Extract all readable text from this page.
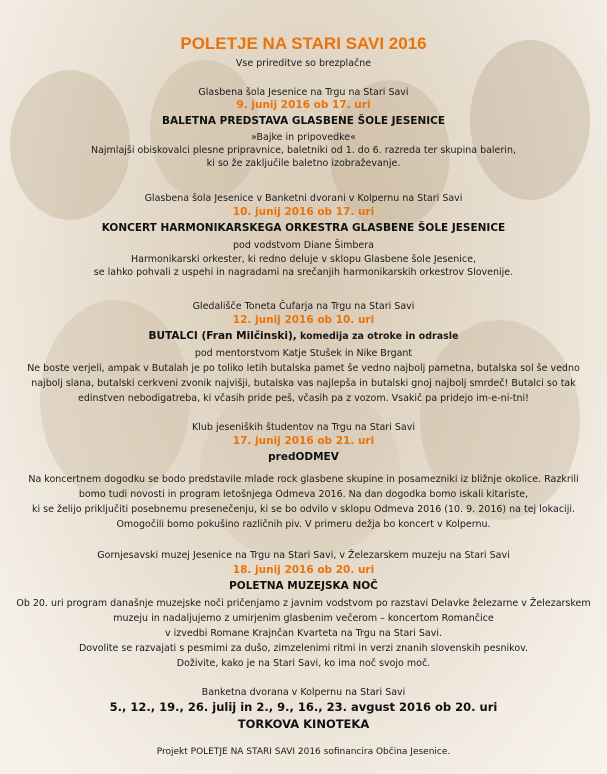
POLETJE NA STARI SAVI 2016
Vse prireditve so brezplačne
Glasbena šola Jesenice na Trgu na Stari Savi
9. junij 2016 ob 17. uri
BALETNA PREDSTAVA GLASBENE ŠOLE JESENICE
»Bajke in pripovedke«
Najmlajši obiskovalci plesne pripravnice, baletniki od 1. do 6. razreda ter skupina balerin,
ki so že zaključile baletno izobraževanje.
Glasbena šola Jesenice v Banketni dvorani v Kolpernu na Stari Savi
10. junij 2016 ob 17. uri
KONCERT HARMONIKARSKEGA ORKESTRA GLASBENE ŠOLE JESENICE
pod vodstvom Diane Šimbera
Harmonikarski orkester, ki redno deluje v sklopu Glasbene šole Jesenice,
se lahko pohvali z uspehi in nagradami na srečanjih harmonikarskih orkestrov Slovenije.
Gledališče Toneta Čufarja na Trgu na Stari Savi
12. junij 2016 ob 10. uri
BUTALCI (Fran Milčinski), komedija za otroke in odrasle
pod mentorstvom Katje Stušek in Nike Brgant
Ne boste verjeli, ampak v Butalah je po toliko letih butalska pamet še vedno najbolj pametna, butalska sol še vedno
najbolj slana, butalski cerkveni zvonik najvišji, butalska vas najlepša in butalski gnoj najbolj smrdeč! Butalci so tak
edinstven nebodigatreba, ki včasih pride peš, včasih pa z vozom. Vsakič pa pridejo im-e-ni-tni!
Klub jeseniških študentov na Trgu na Stari Savi
17. junij 2016 ob 21. uri
predODMEV
Na koncertnem dogodku se bodo predstavile mlade rock glasbene skupine in posamezniki iz bližnje okolice. Razkrili
bomo tudi novosti in program letošnjega Odmeva 2016. Na dan dogodka bomo iskali kitariste,
ki se želijo priključiti posebnemu presenečenju, ki se bo odvilo v sklopu Odmeva 2016 (10. 9. 2016) na tej lokaciji.
Omogočili bomo pokušino različnih piv. V primeru dežja bo koncert v Kolpernu.
Gornjesavski muzej Jesenice na Trgu na Stari Savi, v Železarskem muzeju na Stari Savi
18. junij 2016 ob 20. uri
POLETNA MUZEJSKA NOČ
Ob 20. uri program današnje muzejske noči pričenjamo z javnim vodstvom po razstavi Delavke železarne v Železarskem
muzeju in nadaljujemo z umirjenim glasbenim večerom – koncertom Romančice
v izvedbi Romane Krajnčan Kvarteta na Trgu na Stari Savi.
Dovolite se razvajati s pesmimi za dušo, zimzelenimi ritmi in verzi znanih slovenskih pesnikov.
Doživite, kako je na Stari Savi, ko ima noč svojo moč.
Banketna dvorana v Kolpernu na Stari Savi
5., 12., 19., 26. julij in 2., 9., 16., 23. avgust 2016 ob 20. uri
TORKOVA KINOTEKA
Projekt POLETJE NA STARI SAVI 2016 sofinancira Občina Jesenice.
